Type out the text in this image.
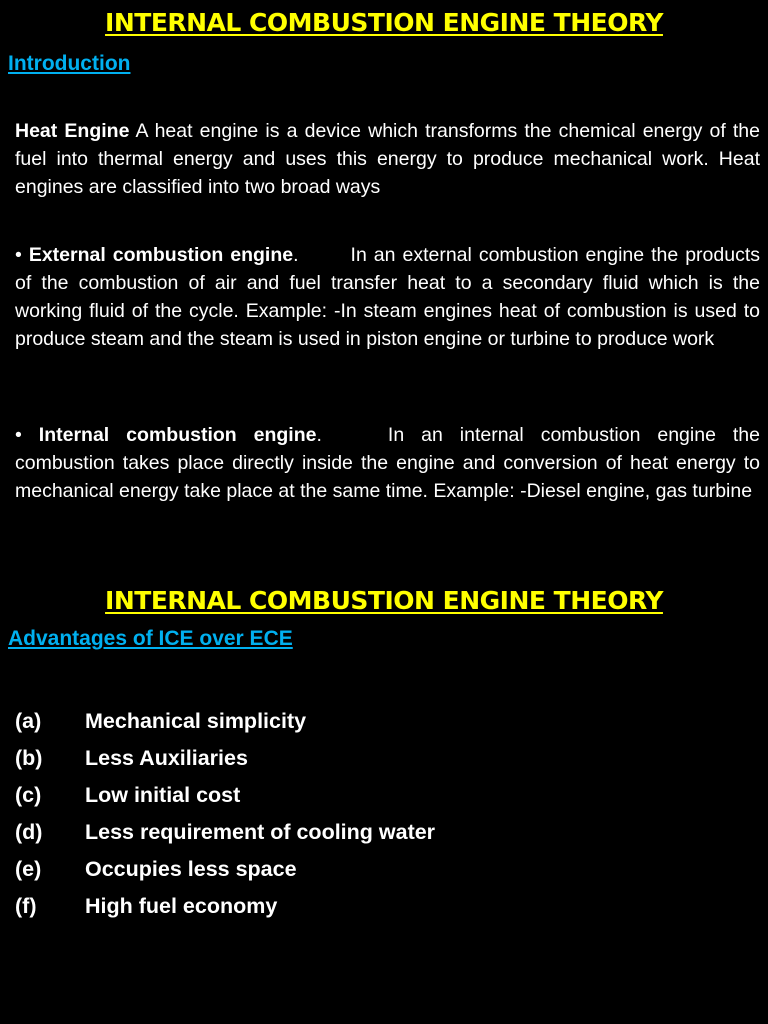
INTERNAL COMBUSTION ENGINE THEORY
Introduction
Heat Engine A heat engine is a device which transforms the chemical energy of the fuel into thermal energy and uses this energy to produce mechanical work. Heat engines are classified into two broad ways
• External combustion engine.	In an external combustion engine the products of the combustion of air and fuel transfer heat to a secondary fluid which is the working fluid of the cycle. Example: -In steam engines heat of combustion is used to produce steam and the steam is used in piston engine or turbine to produce work
• Internal combustion engine.	In an internal combustion engine the combustion takes place directly inside the engine and conversion of heat energy to mechanical energy take place at the same time. Example: -Diesel engine, gas turbine
INTERNAL COMBUSTION ENGINE THEORY
Advantages of ICE over ECE
(a) Mechanical simplicity
(b) Less Auxiliaries
(c) Low initial cost
(d) Less requirement of cooling water
(e) Occupies less space
(f) High fuel economy
